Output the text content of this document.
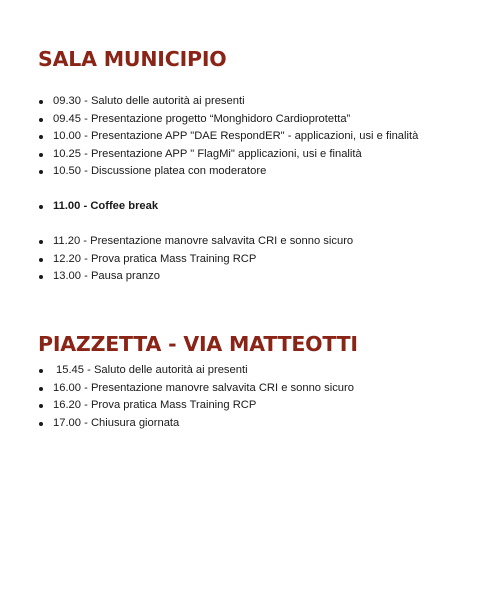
SALA MUNICIPIO
09.30 - Saluto delle autorità ai presenti
09.45 - Presentazione progetto “Monghidoro Cardioprotetta”
10.00 - Presentazione APP "DAE RespondER" - applicazioni, usi e finalità
10.25 - Presentazione APP " FlagMi" applicazioni, usi e finalità
10.50 - Discussione platea con moderatore
11.00 - Coffee break
11.20 - Presentazione manovre salvavita CRI e sonno sicuro
12.20 - Prova pratica Mass Training RCP
13.00 - Pausa pranzo
PIAZZETTA - VIA MATTEOTTI
15.45 - Saluto delle autorità ai presenti
16.00 - Presentazione manovre salvavita CRI e sonno sicuro
16.20 - Prova pratica Mass Training RCP
17.00 - Chiusura giornata
